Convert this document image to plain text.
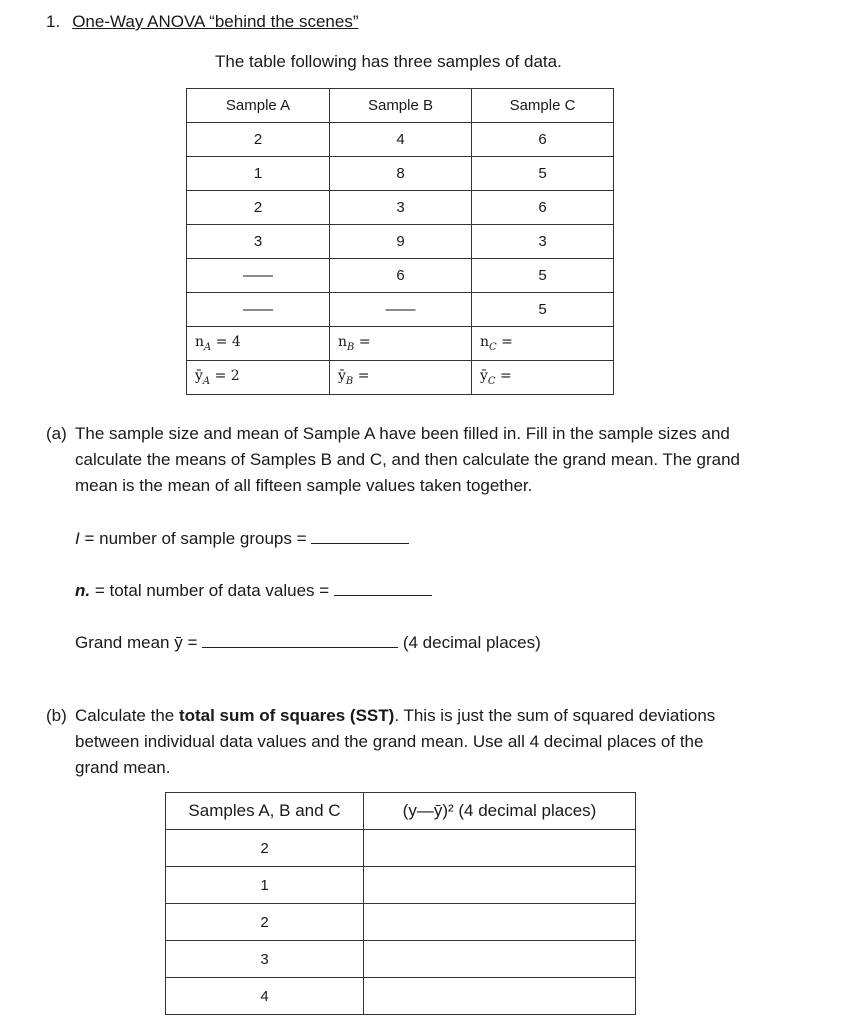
1. One-Way ANOVA “behind the scenes”
The table following has three samples of data.
Sample A	Sample B	Sample C
2	4	6
1	8	5
2	3	6
3	9	3
——	6	5
——	——	5
$n_A = 4$	$n_B$ =	$n_C$ =
$ȳ_A = 2$	$ȳ_B$ =	$ȳ_C$ =
(a) The sample size and mean of Sample A have been filled in. Fill in the sample sizes and
calculate the means of Samples B and C, and then calculate the grand mean. The grand
mean is the mean of all fifteen sample values taken together.
I = number of sample groups =
n. = total number of data values =
Grand mean ȳ̄ =	(4 decimal places)
(b) Calculate the total sum of squares (SST). This is just the sum of squared deviations
between individual data values and the grand mean. Use all 4 decimal places of the
grand mean.
Samples A, B and C	(y—ȳ̄)² (4 decimal places)
2	
1	
2	
3	
4	
